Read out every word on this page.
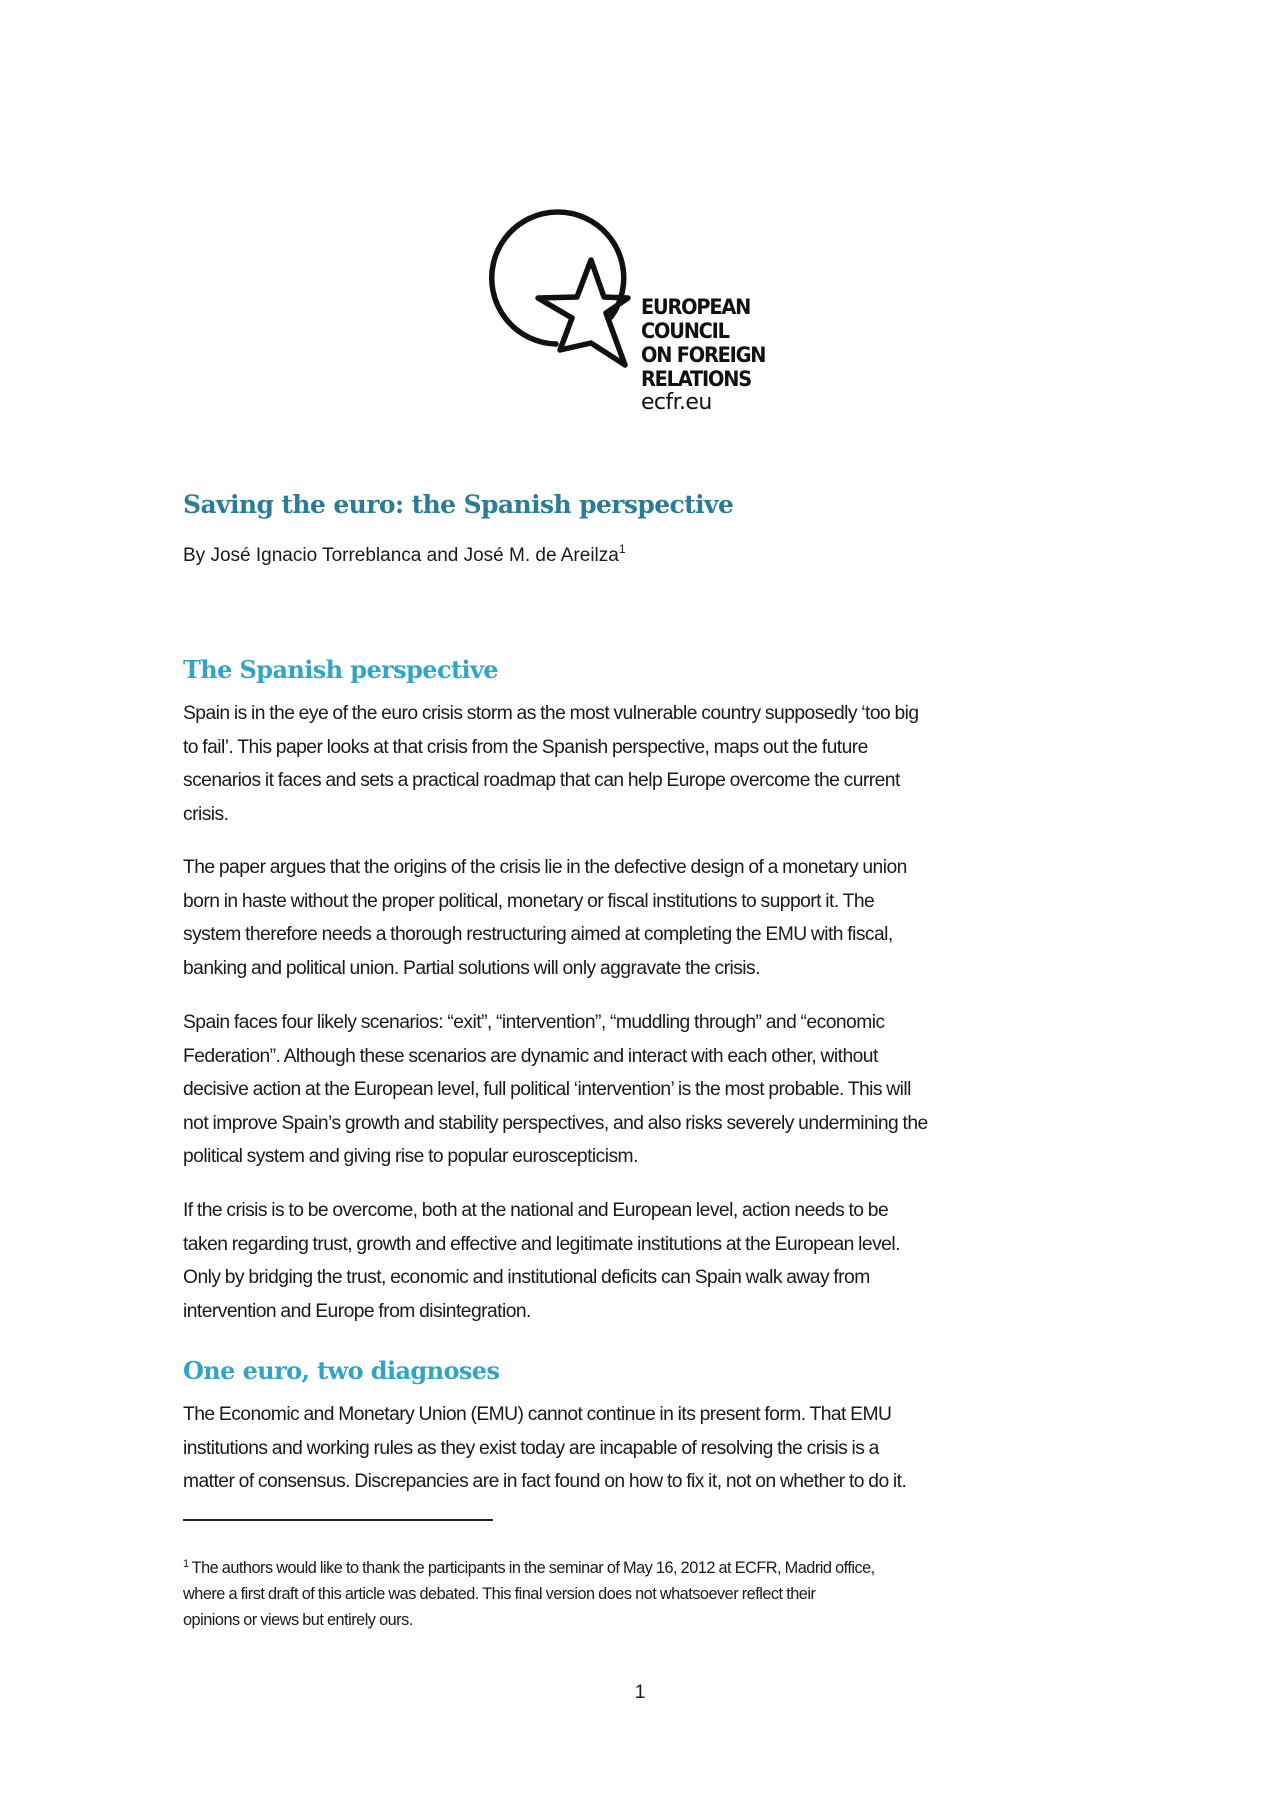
EUROPEAN
COUNCIL
ON FOREIGN
RELATIONS
ecfr.eu
Saving the euro: the Spanish perspective
By José Ignacio Torreblanca and José M. de Areilza$^1$
The Spanish perspective
Spain is in the eye of the euro crisis storm as the most vulnerable country supposedly ‘too big
to fail’. This paper looks at that crisis from the Spanish perspective, maps out the future
scenarios it faces and sets a practical roadmap that can help Europe overcome the current
crisis.
The paper argues that the origins of the crisis lie in the defective design of a monetary union
born in haste without the proper political, monetary or fiscal institutions to support it. The
system therefore needs a thorough restructuring aimed at completing the EMU with fiscal,
banking and political union. Partial solutions will only aggravate the crisis.
Spain faces four likely scenarios: “exit”, “intervention”, “muddling through” and “economic
Federation”. Although these scenarios are dynamic and interact with each other, without
decisive action at the European level, full political ‘intervention’ is the most probable. This will
not improve Spain’s growth and stability perspectives, and also risks severely undermining the
political system and giving rise to popular euroscepticism.
If the crisis is to be overcome, both at the national and European level, action needs to be
taken regarding trust, growth and effective and legitimate institutions at the European level.
Only by bridging the trust, economic and institutional deficits can Spain walk away from
intervention and Europe from disintegration.
One euro, two diagnoses
The Economic and Monetary Union (EMU) cannot continue in its present form. That EMU
institutions and working rules as they exist today are incapable of resolving the crisis is a
matter of consensus. Discrepancies are in fact found on how to fix it, not on whether to do it.
$^1$ The authors would like to thank the participants in the seminar of May 16, 2012 at ECFR, Madrid office,
where a first draft of this article was debated. This final version does not whatsoever reflect their
opinions or views but entirely ours.
1
